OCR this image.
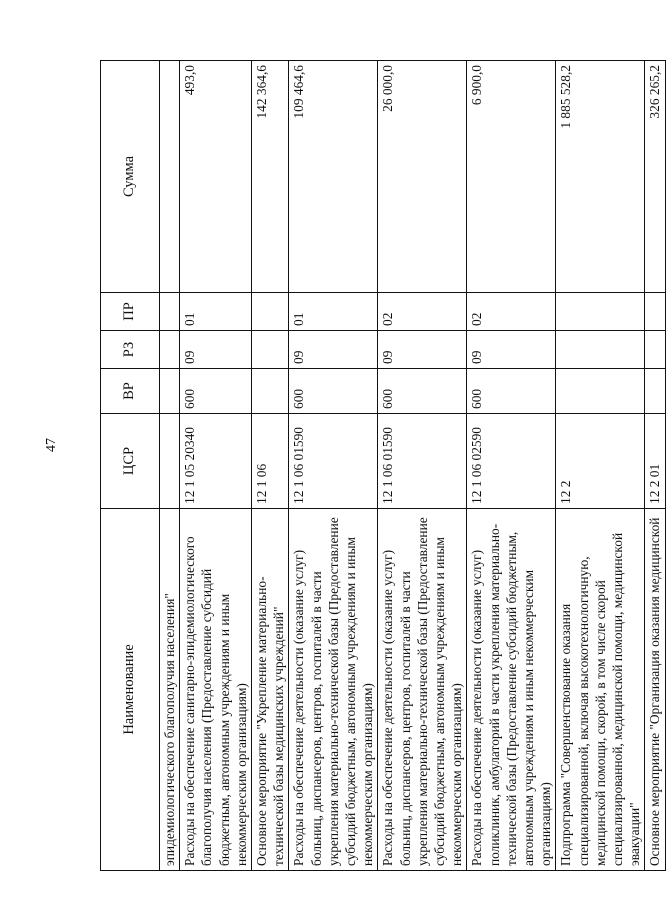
47
Наименование	ЦСР	ВР	РЗ	ПР	Сумма
эпидемиологического благополучия населения"					
Расходы на обеспечение санитарно-эпидемиологического благополучия населения (Предоставление субсидий бюджетным, автономным учреждениям и иным некоммерческим организациям)	12 1 05 20340	600	09	01	493,0
Основное мероприятие "Укрепление материально-технической базы медицинских учреждений"	12 1 06				142 364,6
Расходы на обеспечение деятельности (оказание услуг) больниц, диспансеров, центров, госпиталей в части укрепления материально-технической базы (Предоставление субсидий бюджетным, автономным учреждениям и иным некоммерческим организациям)	12 1 06 01590	600	09	01	109 464,6
Расходы на обеспечение деятельности (оказание услуг) больниц, диспансеров, центров, госпиталей в части укрепления материально-технической базы (Предоставление субсидий бюджетным, автономным учреждениям и иным некоммерческим организациям)	12 1 06 01590	600	09	02	26 000,0
Расходы на обеспечение деятельности (оказание услуг) поликлиник, амбулаторий в части укрепления материально-технической базы (Предоставление субсидий бюджетным, автономным учреждениям и иным некоммерческим организациям)	12 1 06 02590	600	09	02	6 900,0
Подпрограмма "Совершенствование оказания специализированной, включая высокотехнологичную, медицинской помощи, скорой, в том числе скорой специализированной, медицинской помощи, медицинской эвакуации"	12 2				1 885 528,2
Основное мероприятие "Организация оказания медицинской	12 2 01				326 265,2
